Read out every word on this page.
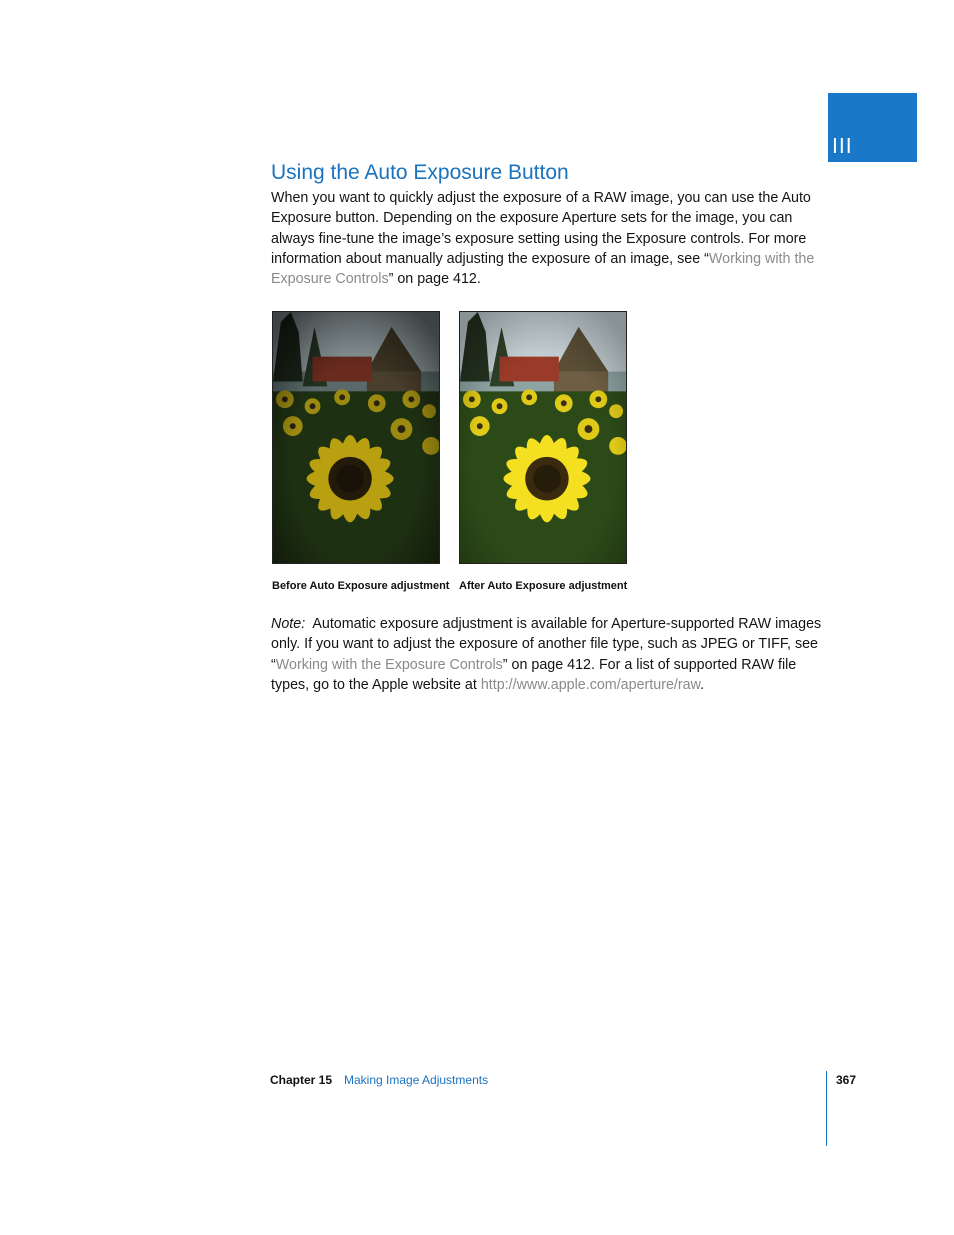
III
Using the Auto Exposure Button

When you want to quickly adjust the exposure of a RAW image, you can use the Auto Exposure button. Depending on the exposure Aperture sets for the image, you can always fine-tune the image’s exposure setting using the Exposure controls. For more information about manually adjusting the exposure of an image, see “Working with the Exposure Controls” on page 412.

Before Auto Exposure adjustment After Auto Exposure adjustment

Note: Automatic exposure adjustment is available for Aperture-supported RAW images only. If you want to adjust the exposure of another file type, such as JPEG or TIFF, see “Working with the Exposure Controls” on page 412. For a list of supported RAW file types, go to the Apple website at http://www.apple.com/aperture/raw.

Chapter 15 Making Image Adjustments	367
